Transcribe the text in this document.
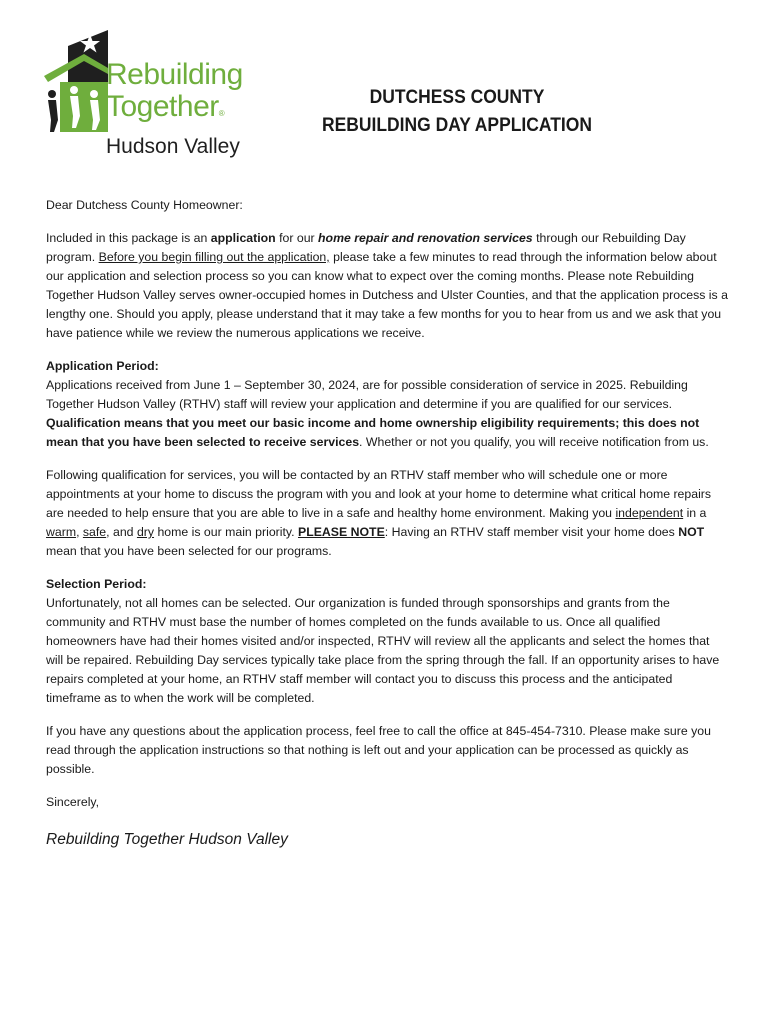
Rebuilding
Together®
Hudson Valley
DUTCHESS COUNTY
REBUILDING DAY APPLICATION

Dear Dutchess County Homeowner:

Included in this package is an application for our home repair and renovation services through our Rebuilding Day program. Before you begin filling out the application, please take a few minutes to read through the information below about our application and selection process so you can know what to expect over the coming months. Please note Rebuilding Together Hudson Valley serves owner-occupied homes in Dutchess and Ulster Counties, and that the application process is a lengthy one. Should you apply, please understand that it may take a few months for you to hear from us and we ask that you have patience while we review the numerous applications we receive.

Application Period:
Applications received from June 1 – September 30, 2024, are for possible consideration of service in 2025. Rebuilding Together Hudson Valley (RTHV) staff will review your application and determine if you are qualified for our services. Qualification means that you meet our basic income and home ownership eligibility requirements; this does not mean that you have been selected to receive services. Whether or not you qualify, you will receive notification from us.

Following qualification for services, you will be contacted by an RTHV staff member who will schedule one or more appointments at your home to discuss the program with you and look at your home to determine what critical home repairs are needed to help ensure that you are able to live in a safe and healthy home environment. Making you independent in a warm, safe, and dry home is our main priority. PLEASE NOTE: Having an RTHV staff member visit your home does NOT mean that you have been selected for our programs.

Selection Period:
Unfortunately, not all homes can be selected. Our organization is funded through sponsorships and grants from the community and RTHV must base the number of homes completed on the funds available to us. Once all qualified homeowners have had their homes visited and/or inspected, RTHV will review all the applicants and select the homes that will be repaired. Rebuilding Day services typically take place from the spring through the fall. If an opportunity arises to have repairs completed at your home, an RTHV staff member will contact you to discuss this process and the anticipated timeframe as to when the work will be completed.

If you have any questions about the application process, feel free to call the office at 845-454-7310. Please make sure you read through the application instructions so that nothing is left out and your application can be processed as quickly as possible.

Sincerely,

Rebuilding Together Hudson Valley
